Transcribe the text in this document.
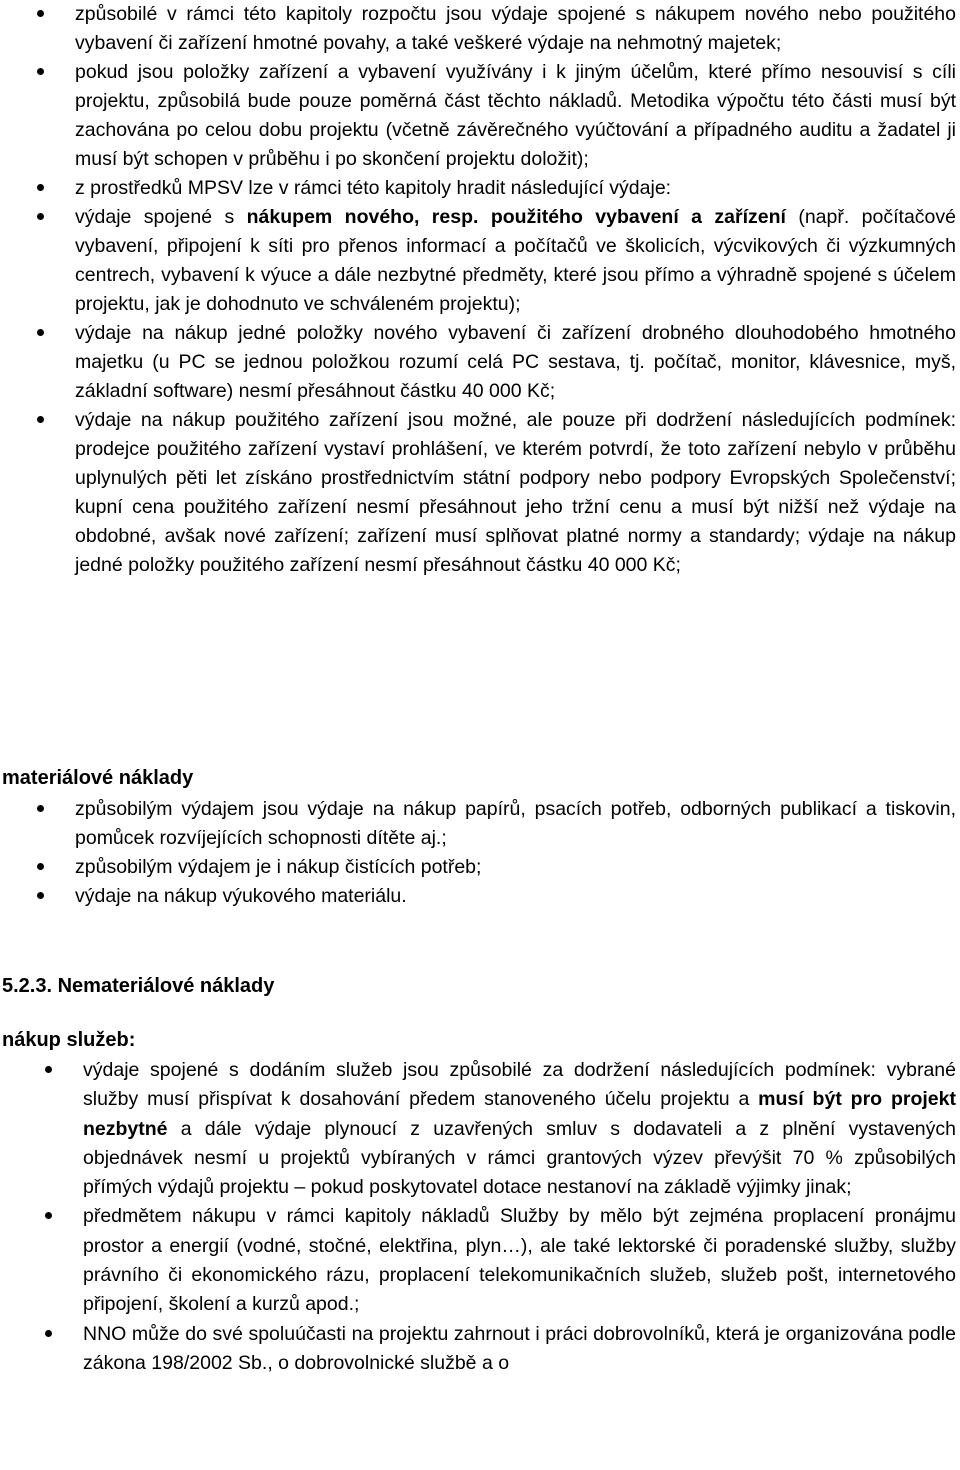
způsobilé v rámci této kapitoly rozpočtu jsou výdaje spojené s nákupem nového nebo použitého vybavení či zařízení hmotné povahy, a také veškeré výdaje na nehmotný majetek;

pokud jsou položky zařízení a vybavení využívány i k jiným účelům, které přímo nesouvisí s cíli projektu, způsobilá bude pouze poměrná část těchto nákladů. Metodika výpočtu této části musí být zachována po celou dobu projektu (včetně závěrečného vyúčtování a případného auditu a žadatel ji musí být schopen v průběhu i po skončení projektu doložit);

z prostředků MPSV lze v rámci této kapitoly hradit následující výdaje:

výdaje spojené s nákupem nového, resp. použitého vybavení a zařízení (např. počítačové vybavení, připojení k síti pro přenos informací a počítačů ve školicích, výcvikových či výzkumných centrech, vybavení k výuce a dále nezbytné předměty, které jsou přímo a výhradně spojené s účelem projektu, jak je dohodnuto ve schváleném projektu);

výdaje na nákup jedné položky nového vybavení či zařízení drobného dlouhodobého hmotného majetku (u PC se jednou položkou rozumí celá PC sestava, tj. počítač, monitor, klávesnice, myš, základní software) nesmí přesáhnout částku 40 000 Kč;

výdaje na nákup použitého zařízení jsou možné, ale pouze při dodržení následujících podmínek: prodejce použitého zařízení vystaví prohlášení, ve kterém potvrdí, že toto zařízení nebylo v průběhu uplynulých pěti let získáno prostřednictvím státní podpory nebo podpory Evropských Společenství; kupní cena použitého zařízení nesmí přesáhnout jeho tržní cenu a musí být nižší než výdaje na obdobné, avšak nové zařízení; zařízení musí splňovat platné normy a standardy; výdaje na nákup jedné položky použitého zařízení nesmí přesáhnout částku 40 000 Kč;

materiálové náklady

způsobilým výdajem jsou výdaje na nákup papírů, psacích potřeb, odborných publikací a tiskovin, pomůcek rozvíjejících schopnosti dítěte aj.;

způsobilým výdajem je i nákup čistících potřeb;

výdaje na nákup výukového materiálu.

5.2.3. Nemateriálové náklady
nákup služeb:

výdaje spojené s dodáním služeb jsou způsobilé za dodržení následujících podmínek: vybrané služby musí přispívat k dosahování předem stanoveného účelu projektu a musí být pro projekt nezbytné a dále výdaje plynoucí z uzavřených smluv s dodavateli a z plnění vystavených objednávek nesmí u projektů vybíraných v rámci grantových výzev převýšit 70 % způsobilých přímých výdajů projektu – pokud poskytovatel dotace nestanoví na základě výjimky jinak;

předmětem nákupu v rámci kapitoly nákladů Služby by mělo být zejména proplacení pronájmu prostor a energií (vodné, stočné, elektřina, plyn…), ale také lektorské či poradenské služby, služby právního či ekonomického rázu, proplacení telekomunikačních služeb, služeb pošt, internetového připojení, školení a kurzů apod.;

NNO může do své spoluúčasti na projektu zahrnout i práci dobrovolníků, která je organizována podle zákona 198/2002 Sb., o dobrovolnické službě a o
